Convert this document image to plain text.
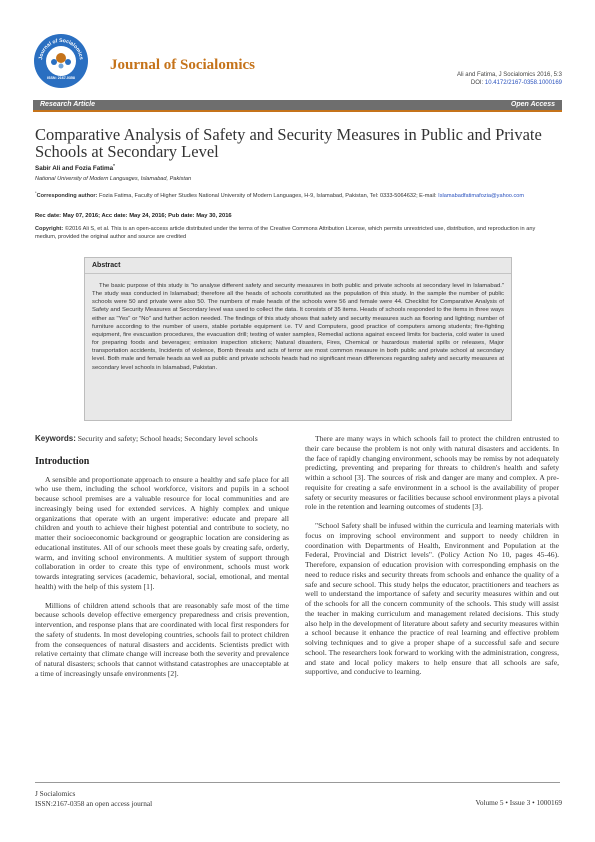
Journal of Socialomics
ISSN: 2167-0358
Journal of Socialomics
Ali and Fatima, J Socialomics 2016, 5:3
DOI: 10.4172/2167-0358.1000169
Research Article	Open Access
Comparative Analysis of Safety and Security Measures in Public and Private Schools at Secondary Level
Sabir Ali and Fozia Fatima*
National University of Modern Languages, Islamabad, Pakistan
*Corresponding author: Fozia Fatima, Faculty of Higher Studies National University of Modern Languages, H-9, Islamabad, Pakistan, Tel: 0333-5064632; E-mail: Islamabadfatimafozia@yahoo.com
Rec date: May 07, 2016; Acc date: May 24, 2016; Pub date: May 30, 2016
Copyright: ©2016 Ali S, et al. This is an open-access article distributed under the terms of the Creative Commons Attribution License, which permits unrestricted use, distribution, and reproduction in any medium, provided the original author and source are credited
Abstract
The basic purpose of this study is "to analyse different safety and security measures in both public and private schools at secondary level in Islamabad." The study was conducted in Islamabad; therefore all the heads of schools constituted as the population of this study. In the sample the number of public schools were 50 and private were also 50. The numbers of male heads of the schools were 56 and female were 44. Checklist for Comparative Analysis of Safety and Security Measures at Secondary level was used to collect the data. It consists of 35 items. Heads of schools responded to the items in three ways either as "Yes" or "No" and further action needed. The findings of this study shows that safety and security measures such as flooring and lighting; number of furniture according to the number of users, stable portable equipment i.e. TV and Computers, good practice of computers among students; fire-fighting equipment, fire evacuation procedures, the evacuation drill; testing of water samples, Remedial actions against exceed limits for bacteria, cold water is used for preparing foods and beverages; emission inspection stickers; Natural disasters, Fires, Chemical or hazardous material spills or releases, Major transportation accidents, Incidents of violence, Bomb threats and acts of terror are most common measure in both public and private school at secondary level. Both male and female heads as well as public and private schools heads had no significant mean differences regarding safety and security measures at secondary level schools in Islamabad, Pakistan.
Keywords: Security and safety; School heads; Secondary level schools
Introduction

A sensible and proportionate approach to ensure a healthy and safe place for all who use them, including the school workforce, visitors and pupils in a school because school premises are a valuable resource for local communities and are increasingly being used for extended services. A highly complex and unique organizations that operate with an urgent imperative: educate and prepare all children and youth to achieve their highest potential and contribute to society, no matter their socioeconomic background or geographic location are considering as educational institutes. All of our schools meet these goals by creating safe, orderly, warm, and inviting school environments. A multitier system of support through collaboration in order to create this type of environment, schools must work towards integrating services (academic, behavioral, social, emotional, and mental health) with the help of this system [1].

Millions of children attend schools that are reasonably safe most of the time because schools develop effective emergency preparedness and crisis prevention, intervention, and response plans that are coordinated with local first responders for the safety of students. In most developing countries, schools fail to protect children from the consequences of natural disasters and accidents. Scientists predict with relative certainty that climate change will increase both the severity and prevalence of natural disasters; schools that cannot withstand catastrophes are unacceptable at a time of increasingly unsafe environments [2].

There are many ways in which schools fail to protect the children entrusted to their care because the problem is not only with natural disasters and accidents. In the face of rapidly changing environment, schools may be remiss by not adequately predicting, preventing and preparing for threats to children's health and safety within a school [3]. The sources of risk and danger are many and complex. A pre-requisite for creating a safe environment in a school is the availability of proper safety or security measures or facilities because school environment plays a pivotal role in the retention and learning outcomes of students [3].

"School Safety shall be infused within the curricula and learning materials with focus on improving school environment and support to needy children in coordination with Departments of Health, Environment and Population at the Federal, Provincial and District levels". (Policy Action No 10, pages 45-46). Therefore, expansion of education provision with corresponding emphasis on the need to reduce risks and security threats from schools and enhance the quality of a safe and secure school. This study helps the educator, practitioners and teachers as well to understand the importance of safety and security measures within and out of the schools for all the concern community of the schools. This study will assist the teacher in making curriculum and management related decisions. This study also help in the development of literature about safety and security measures within a school because it enhance the practice of real learning and effective problem solving techniques and to give a proper shape of a successful safe and secure school. The researchers look forward to working with the administration, congress, and state and local policy makers to help ensure that all schools are safe, supportive, and conducive to learning.

J Socialomics
ISSN:2167-0358 an open access journal	Volume 5 • Issue 3 • 1000169
